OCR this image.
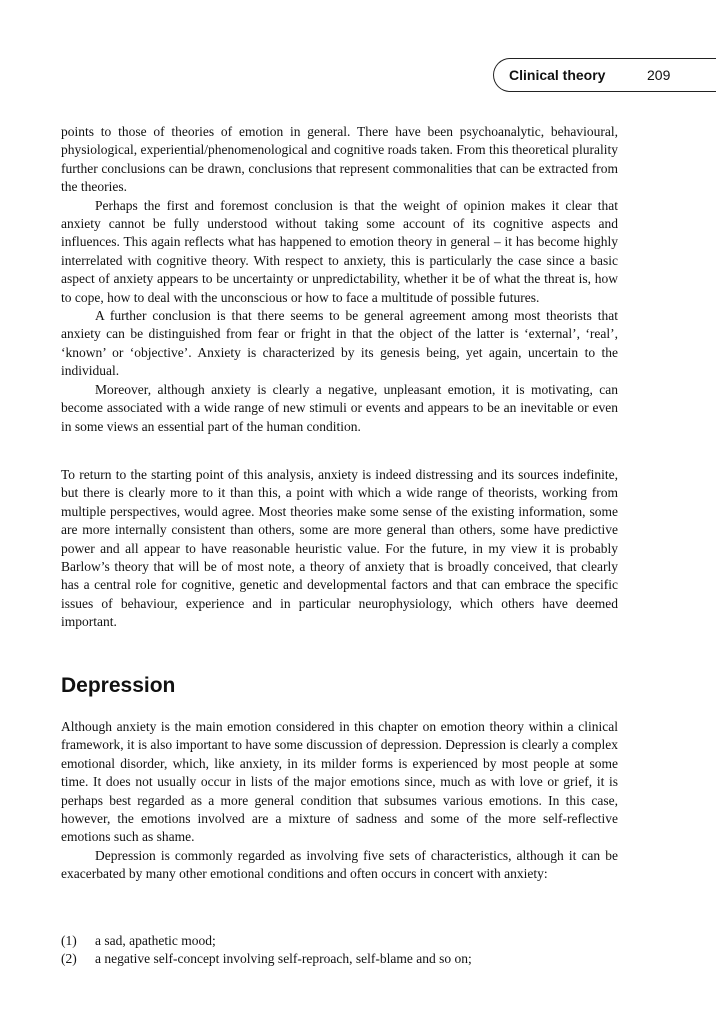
Clinical theory	209

points to those of theories of emotion in general. There have been psychoanalytic, behavioural, physiological, experiential/phenomenological and cognitive roads taken. From this theoretical plurality further conclusions can be drawn, conclusions that represent commonalities that can be extracted from the theories.

Perhaps the first and foremost conclusion is that the weight of opinion makes it clear that anxiety cannot be fully understood without taking some account of its cognitive aspects and influences. This again reflects what has happened to emotion theory in general – it has become highly interrelated with cognitive theory. With respect to anxiety, this is particularly the case since a basic aspect of anxiety appears to be uncertainty or unpredictability, whether it be of what the threat is, how to cope, how to deal with the unconscious or how to face a multitude of possible futures.

A further conclusion is that there seems to be general agreement among most theorists that anxiety can be distinguished from fear or fright in that the object of the latter is ‘external’, ‘real’, ‘known’ or ‘objective’. Anxiety is characterized by its genesis being, yet again, uncertain to the individual.

Moreover, although anxiety is clearly a negative, unpleasant emotion, it is motivating, can become associated with a wide range of new stimuli or events and appears to be an inevitable or even in some views an essential part of the human condition.

To return to the starting point of this analysis, anxiety is indeed distressing and its sources indefinite, but there is clearly more to it than this, a point with which a wide range of theorists, working from multiple perspectives, would agree. Most theories make some sense of the existing information, some are more internally consistent than others, some are more general than others, some have predictive power and all appear to have reasonable heuristic value. For the future, in my view it is probably Barlow’s theory that will be of most note, a theory of anxiety that is broadly conceived, that clearly has a central role for cognitive, genetic and developmental factors and that can embrace the specific issues of behaviour, experience and in particular neurophysiology, which others have deemed important.

Depression

Although anxiety is the main emotion considered in this chapter on emotion theory within a clinical framework, it is also important to have some discussion of depression. Depression is clearly a complex emotional disorder, which, like anxiety, in its milder forms is experienced by most people at some time. It does not usually occur in lists of the major emotions since, much as with love or grief, it is perhaps best regarded as a more general condition that subsumes various emotions. In this case, however, the emotions involved are a mixture of sadness and some of the more self-reflective emotions such as shame.

Depression is commonly regarded as involving five sets of characteristics, although it can be exacerbated by many other emotional conditions and often occurs in concert with anxiety:

(1) a sad, apathetic mood;
(2) a negative self-concept involving self-reproach, self-blame and so on;
